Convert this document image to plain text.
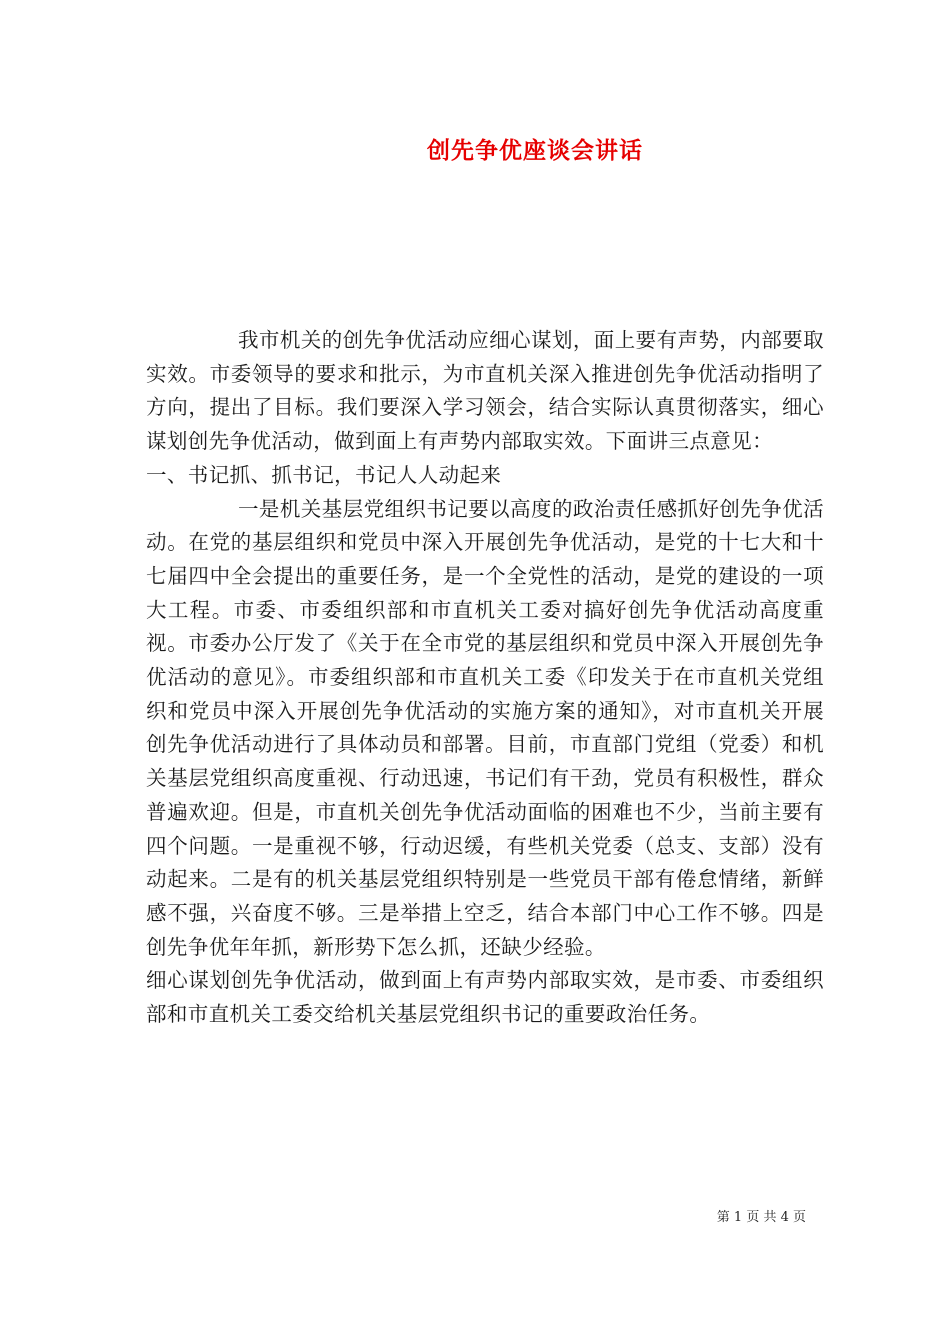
创先争优座谈会讲话

我市机关的创先争优活动应细心谋划，面上要有声势，内部要取实效。市委领导的要求和批示，为市直机关深入推进创先争优活动指明了方向，提出了目标。我们要深入学习领会，结合实际认真贯彻落实，细心谋划创先争优活动，做到面上有声势内部取实效。下面讲三点意见：

一、书记抓、抓书记，书记人人动起来

一是机关基层党组织书记要以高度的政治责任感抓好创先争优活动。在党的基层组织和党员中深入开展创先争优活动，是党的十七大和十七届四中全会提出的重要任务，是一个全党性的活动，是党的建设的一项大工程。市委、市委组织部和市直机关工委对搞好创先争优活动高度重视。市委办公厅发了《关于在全市党的基层组织和党员中深入开展创先争优活动的意见》。市委组织部和市直机关工委《印发关于在市直机关党组织和党员中深入开展创先争优活动的实施方案的通知》，对市直机关开展创先争优活动进行了具体动员和部署。目前，市直部门党组（党委）和机关基层党组织高度重视、行动迅速，书记们有干劲，党员有积极性，群众普遍欢迎。但是，市直机关创先争优活动面临的困难也不少，当前主要有四个问题。一是重视不够，行动迟缓，有些机关党委（总支、支部）没有动起来。二是有的机关基层党组织特别是一些党员干部有倦怠情绪，新鲜感不强，兴奋度不够。三是举措上空乏，结合本部门中心工作不够。四是创先争优年年抓，新形势下怎么抓，还缺少经验。

细心谋划创先争优活动，做到面上有声势内部取实效，是市委、市委组织部和市直机关工委交给机关基层党组织书记的重要政治任务。

第 1 页 共 4 页
